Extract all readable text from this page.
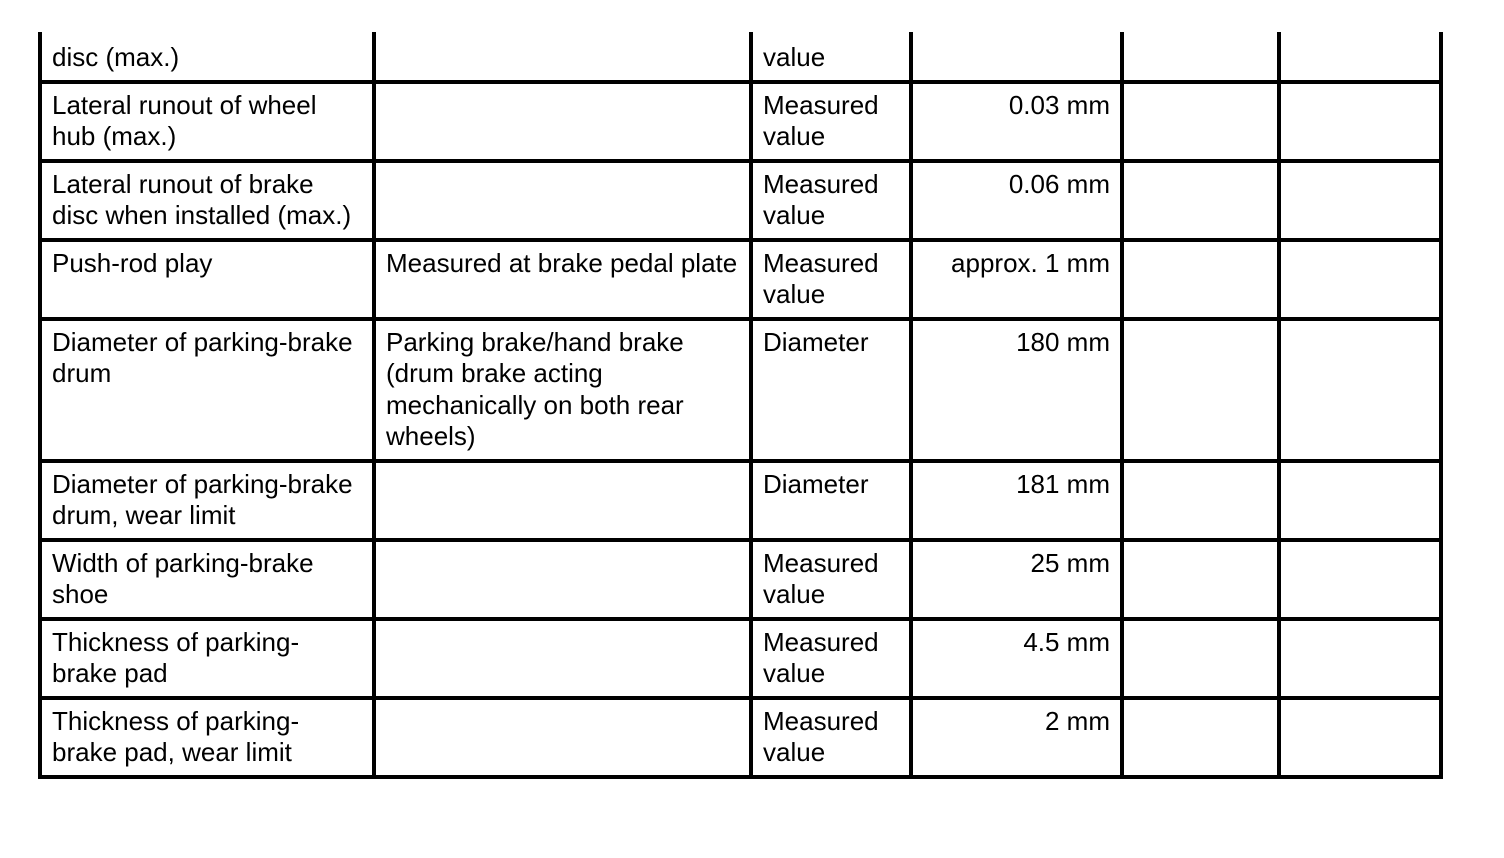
disc (max.)		value			
Lateral runout of wheel hub (max.)		Measured value	0.03 mm		
Lateral runout of brake disc when installed (max.)		Measured value	0.06 mm		
Push-rod play	Measured at brake pedal plate	Measured value	approx. 1 mm		
Diameter of parking-brake drum	Parking brake/hand brake (drum brake acting mechanically on both rear wheels)	Diameter	180 mm		
Diameter of parking-brake drum, wear limit		Diameter	181 mm		
Width of parking-brake shoe		Measured value	25 mm		
Thickness of parking-brake pad		Measured value	4.5 mm		
Thickness of parking-brake pad, wear limit		Measured value	2 mm		
